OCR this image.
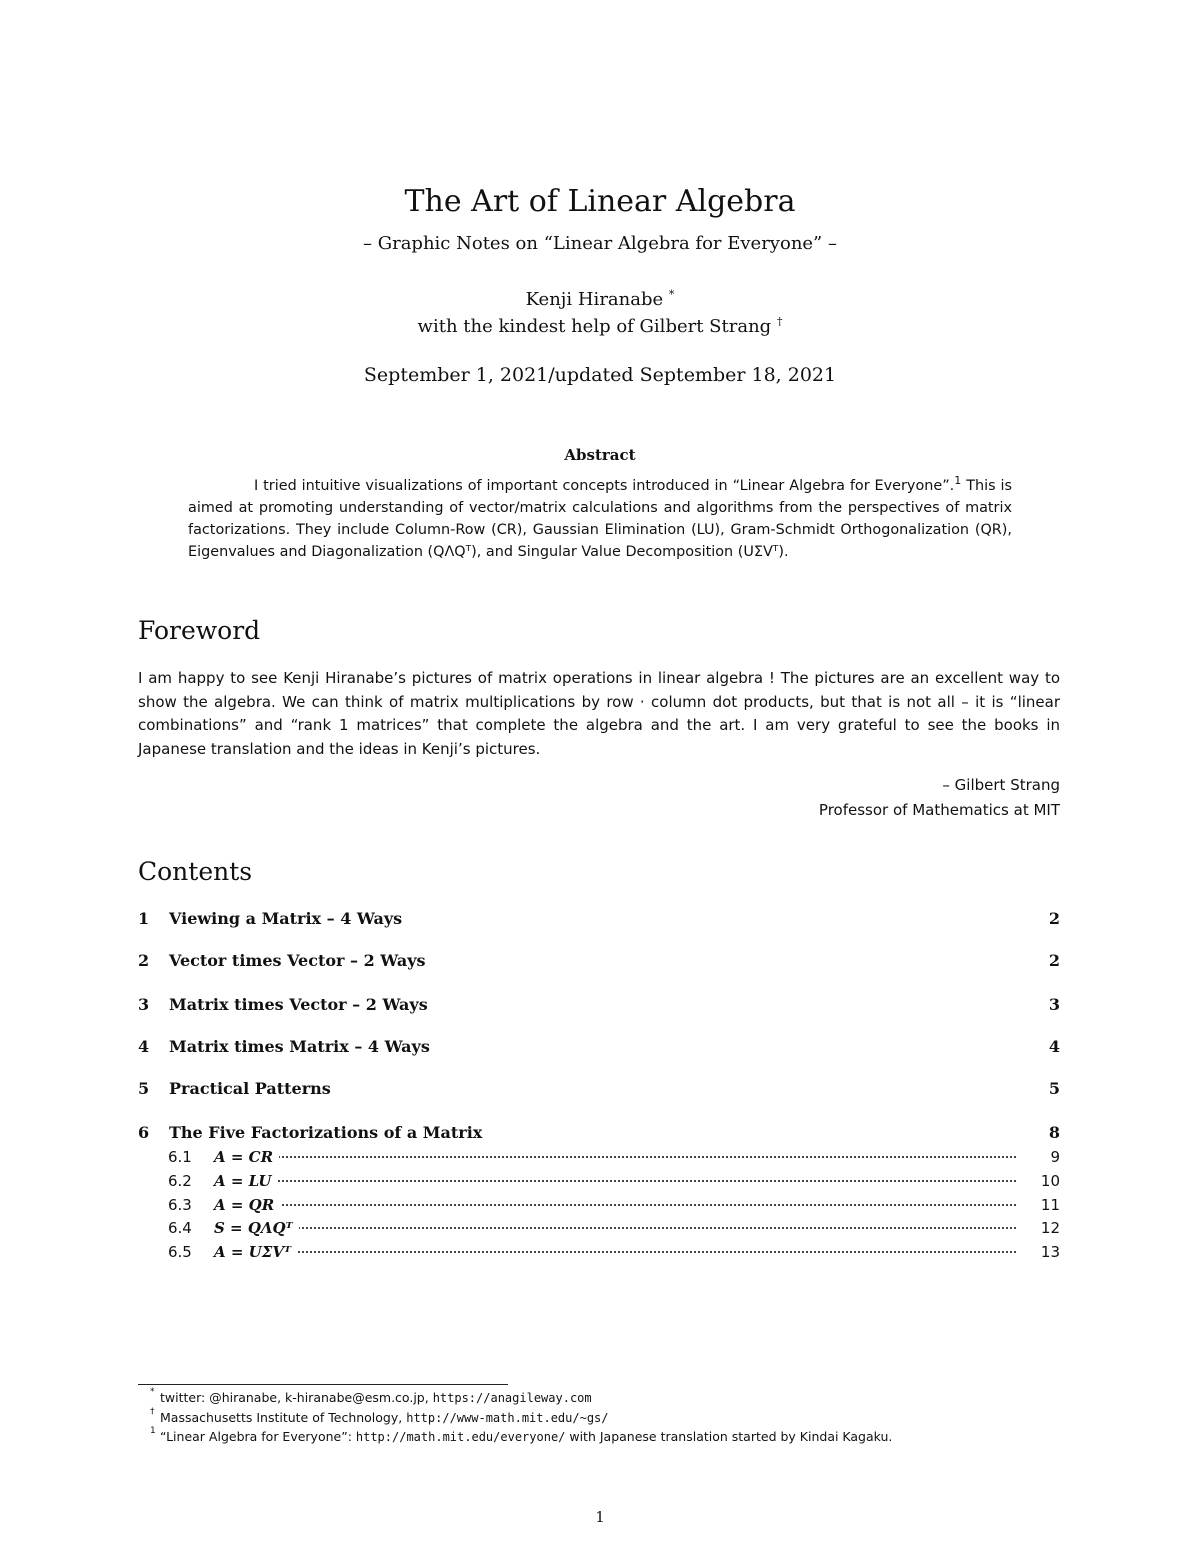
The Art of Linear Algebra
– Graphic Notes on “Linear Algebra for Everyone” –
Kenji Hiranabe *
with the kindest help of Gilbert Strang †
September 1, 2021/updated September 18, 2021
Abstract

I tried intuitive visualizations of important concepts introduced in “Linear Algebra for Everyone”.$^1$ This is aimed at promoting understanding of vector/matrix calculations and algorithms from the perspectives of matrix factorizations. They include Column-Row (CR), Gaussian Elimination (LU), Gram-Schmidt Orthogonalization (QR), Eigenvalues and Diagonalization (QΛQᵀ), and Singular Value Decomposition (UΣVᵀ).

Foreword
I am happy to see Kenji Hiranabe’s pictures of matrix operations in linear algebra ! The pictures are an excellent way to show the algebra. We can think of matrix multiplications by row · column dot products, but that is not all – it is “linear combinations” and “rank 1 matrices” that complete the algebra and the art. I am very grateful to see the books in Japanese translation and the ideas in Kenji’s pictures.
– Gilbert Strang
Professor of Mathematics at MIT
Contents
1 Viewing a Matrix – 4 Ways	2
2 Vector times Vector – 2 Ways	2
3 Matrix times Vector – 2 Ways	3
4 Matrix times Matrix – 4 Ways	4
5 Practical Patterns	5
6 The Five Factorizations of a Matrix	8
6.1 A = CR	9
6.2 A = LU	10
6.3 A = QR	11
6.4 S = QΛQᵀ	12
6.5 A = UΣVᵀ	13
* twitter: @hiranabe, k-hiranabe@esm.co.jp, https://anagileway.com
† Massachusetts Institute of Technology, http://www-math.mit.edu/~gs/
1 “Linear Algebra for Everyone”: http://math.mit.edu/everyone/ with Japanese translation started by Kindai Kagaku.
1
